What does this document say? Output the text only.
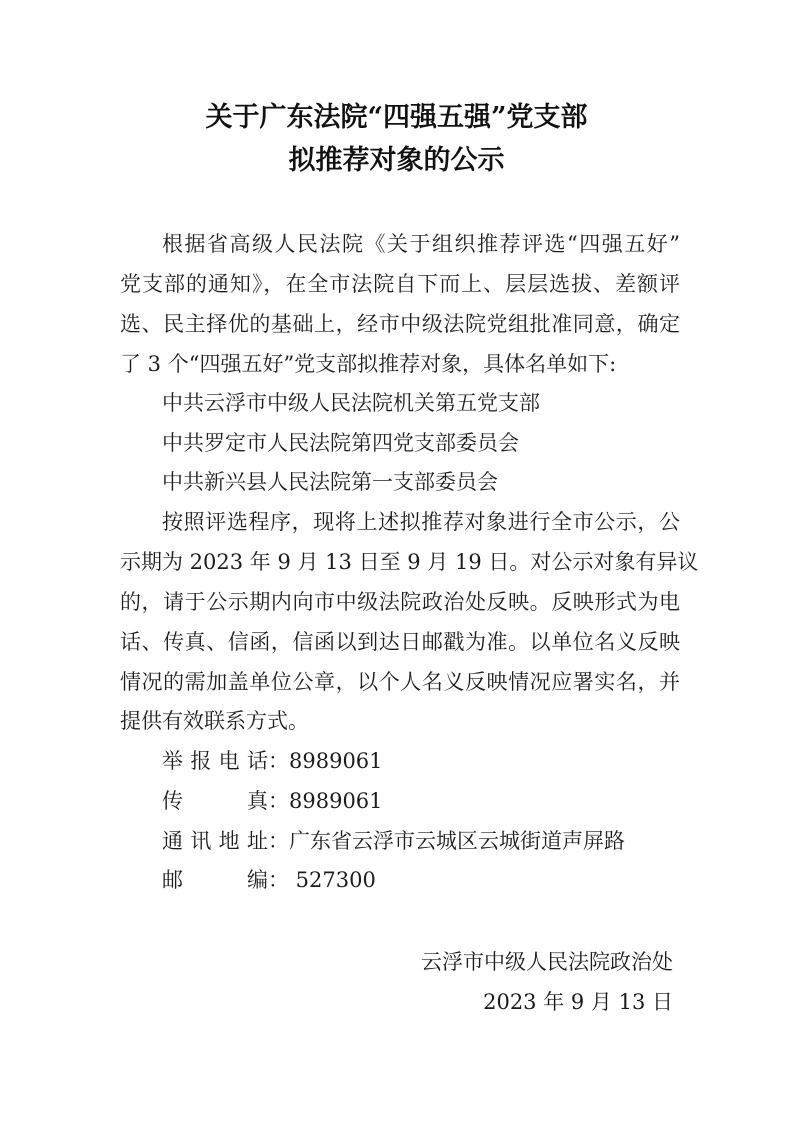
关于广东法院“四强五强”党支部
拟推荐对象的公示
根据省高级人民法院《关于组织推荐评选“四强五好”
党支部的通知》，在全市法院自下而上、层层选拔、差额评
选、民主择优的基础上，经市中级法院党组批准同意，确定
了 3 个“四强五好”党支部拟推荐对象，具体名单如下:
中共云浮市中级人民法院机关第五党支部
中共罗定市人民法院第四党支部委员会
中共新兴县人民法院第一支部委员会
按照评选程序，现将上述拟推荐对象进行全市公示，公
示期为 2023 年 9 月 13 日至 9 月 19 日。对公示对象有异议
的，请于公示期内向市中级法院政治处反映。反映形式为电
话、传真、信函，信函以到达日邮戳为准。以单位名义反映
情况的需加盖单位公章，以个人名义反映情况应署实名，并
提供有效联系方式。
举报电话：8989061
传真：8989061
通讯地址：广东省云浮市云城区云城街道声屏路
邮编： 527300
云浮市中级人民法院政治处
2023 年 9 月 13 日
